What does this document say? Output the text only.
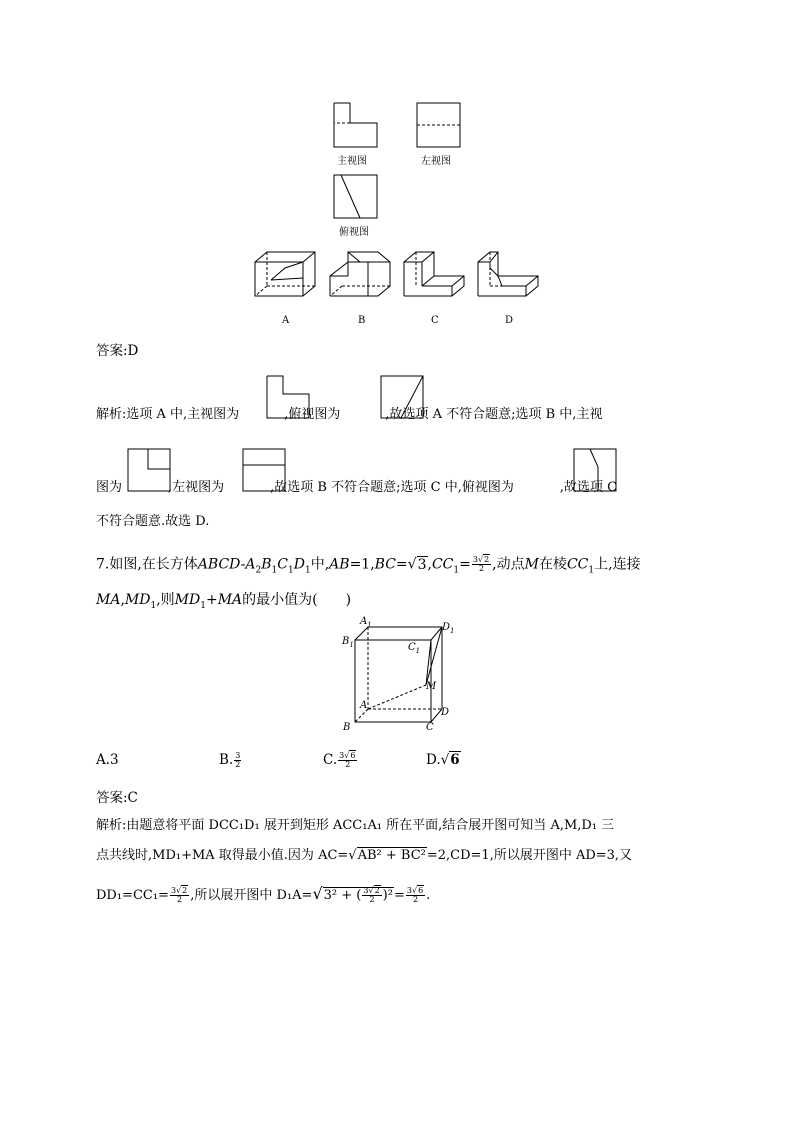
主视图	左视图
俯视图
A	B	C	D
答案:D
解析:选项 A 中,主视图为	,俯视图为	,故选项 A 不符合题意;选项 B 中,主视
图为	,左视图为	,故选项 B 不符合题意;选项 C 中,俯视图为	,故选项 C
不符合题意.故选 D.
7.如图,在长方体ABCD-$A_2B_1C_1D_1$中$,AB=1,BC=√3,CC_1= \frac{3√2}{2}$ ,动点M在棱$CC_1$上,连接
$MA,MD_1$,则$MD_1+MA$的最小值为(　　)
$A_1$	$D_1$
$B_1$	$C_1$
M
A
D
B	C
A.3	B. $\frac{3}{2}$	C. $\frac{3√6}{2}$	D.√6
答案:C
解析:由题意将平面 DCC₁D₁ 展开到矩形 ACC₁A₁ 所在平面,结合展开图可知当 A,M,D₁ 三
点共线时,MD₁+MA 取得最小值.因为 AC=√AB² + BC²=2,CD=1,所以展开图中 AD=3,又
$DD_1=CC_1= \frac{3√2}{2}$ ,所以展开图中 D₁A=√3² + ( $\frac{3√2}{2} )^2= \frac{3√6}{2}$ .
